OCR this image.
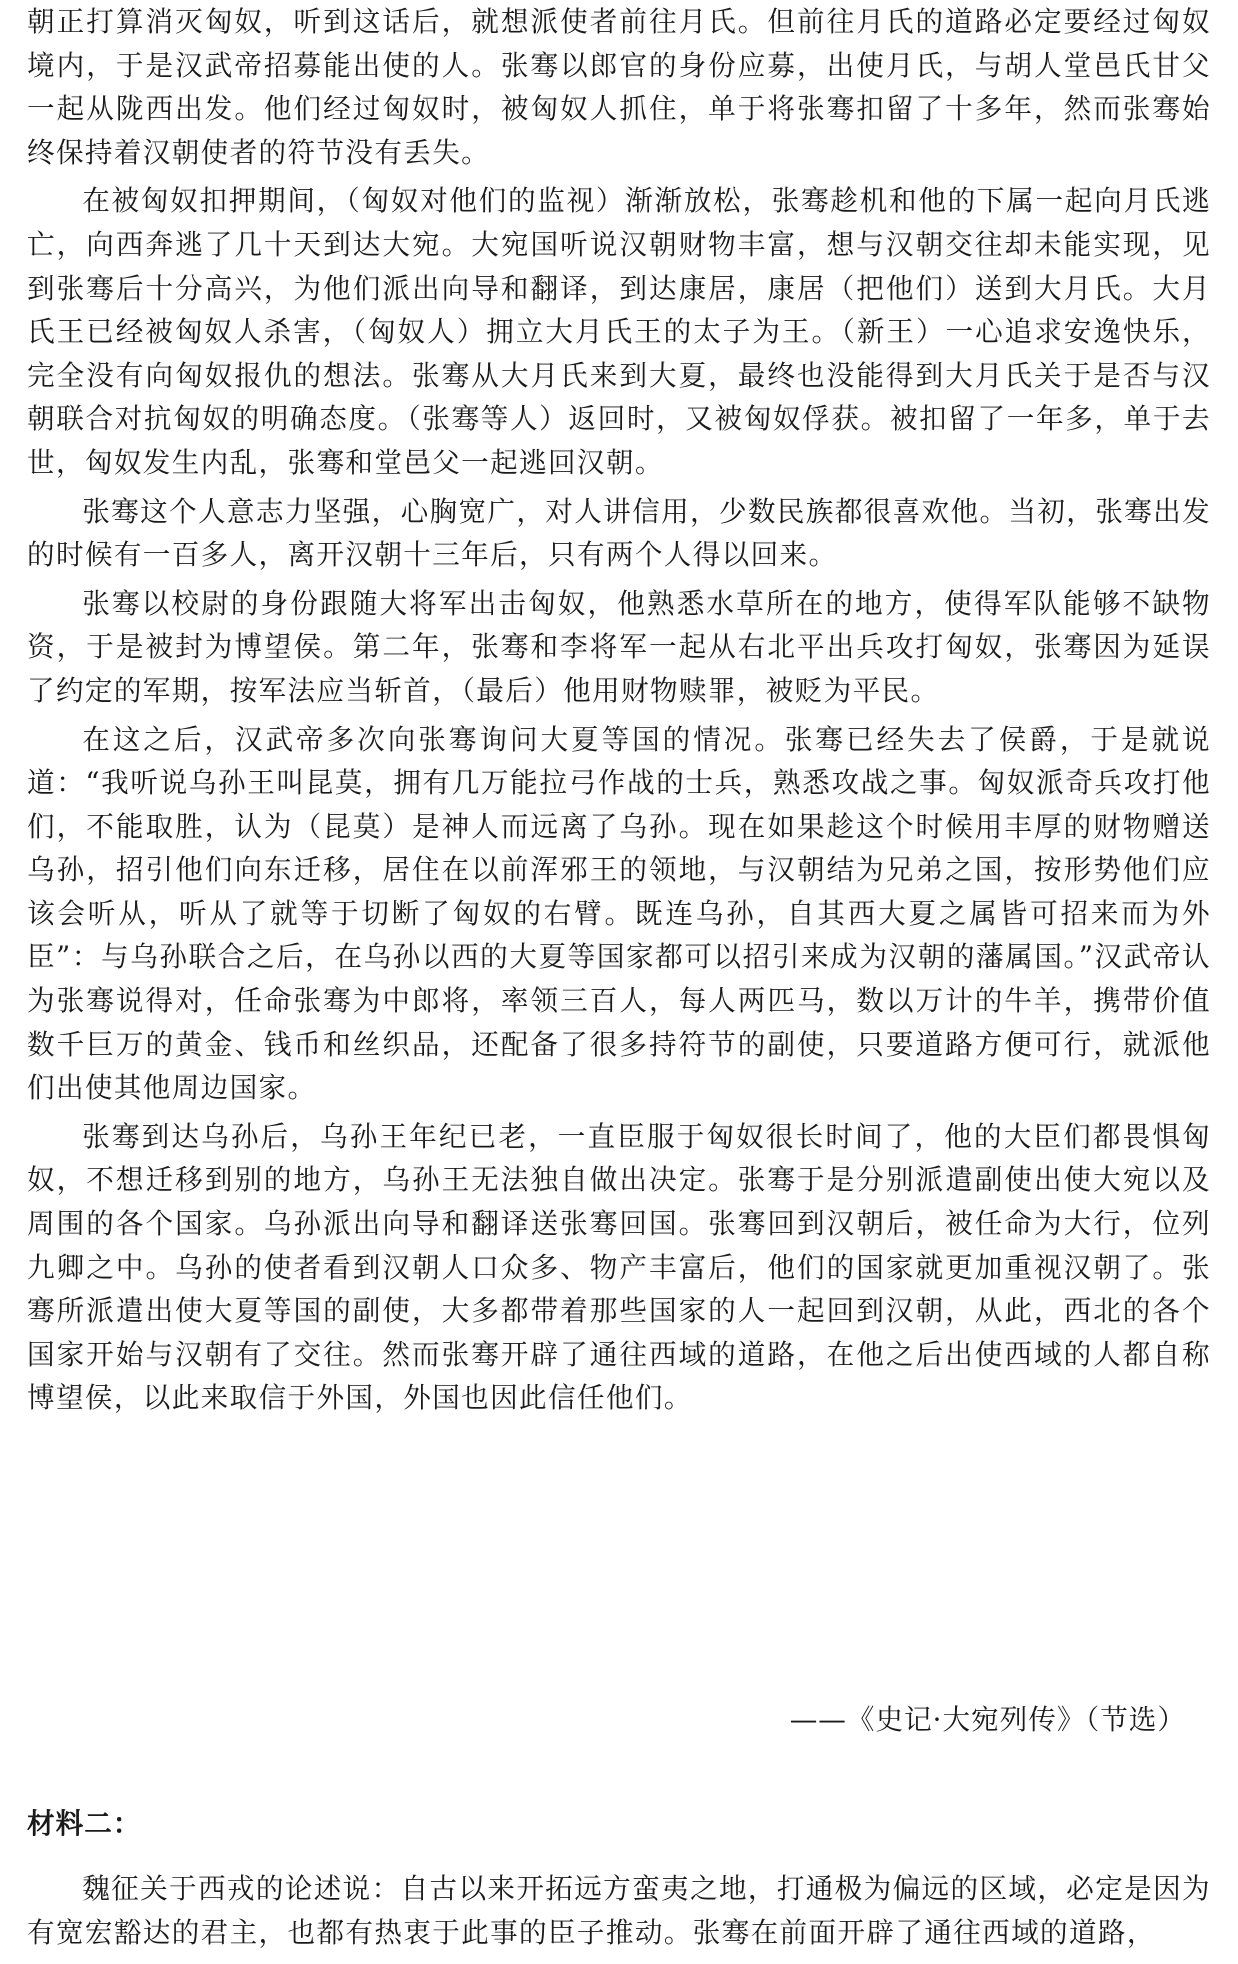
朝正打算消灭匈奴，听到这话后，就想派使者前往月氏。但前往月氏的道路必定要经过匈奴境内，于是汉武帝招募能出使的人。张骞以郎官的身份应募，出使月氏，与胡人堂邑氏甘父一起从陇西出发。他们经过匈奴时，被匈奴人抓住，单于将张骞扣留了十多年，然而张骞始终保持着汉朝使者的符节没有丢失。

在被匈奴扣押期间，（匈奴对他们的监视）渐渐放松，张骞趁机和他的下属一起向月氏逃亡，向西奔逃了几十天到达大宛。大宛国听说汉朝财物丰富，想与汉朝交往却未能实现，见到张骞后十分高兴，为他们派出向导和翻译，到达康居，康居（把他们）送到大月氏。大月氏王已经被匈奴人杀害，（匈奴人）拥立大月氏王的太子为王。（新王）一心追求安逸快乐，完全没有向匈奴报仇的想法。张骞从大月氏来到大夏，最终也没能得到大月氏关于是否与汉朝联合对抗匈奴的明确态度。（张骞等人）返回时，又被匈奴俘获。被扣留了一年多，单于去世，匈奴发生内乱，张骞和堂邑父一起逃回汉朝。

张骞这个人意志力坚强，心胸宽广，对人讲信用，少数民族都很喜欢他。当初，张骞出发的时候有一百多人，离开汉朝十三年后，只有两个人得以回来。

张骞以校尉的身份跟随大将军出击匈奴，他熟悉水草所在的地方，使得军队能够不缺物资，于是被封为博望侯。第二年，张骞和李将军一起从右北平出兵攻打匈奴，张骞因为延误了约定的军期，按军法应当斩首，（最后）他用财物赎罪，被贬为平民。

在这之后，汉武帝多次向张骞询问大夏等国的情况。张骞已经失去了侯爵，于是就说道：“我听说乌孙王叫昆莫，拥有几万能拉弓作战的士兵，熟悉攻战之事。匈奴派奇兵攻打他们，不能取胜，认为（昆莫）是神人而远离了乌孙。现在如果趁这个时候用丰厚的财物赠送乌孙，招引他们向东迁移，居住在以前浑邪王的领地，与汉朝结为兄弟之国，按形势他们应该会听从，听从了就等于切断了匈奴的右臂。既连乌孙，自其西大夏之属皆可招来而为外臣”：与乌孙联合之后，在乌孙以西的大夏等国家都可以招引来成为汉朝的藩属国。”汉武帝认为张骞说得对，任命张骞为中郎将，率领三百人，每人两匹马，数以万计的牛羊，携带价值数千巨万的黄金、钱币和丝织品，还配备了很多持符节的副使，只要道路方便可行，就派他们出使其他周边国家。

张骞到达乌孙后，乌孙王年纪已老，一直臣服于匈奴很长时间了，他的大臣们都畏惧匈奴，不想迁移到别的地方，乌孙王无法独自做出决定。张骞于是分别派遣副使出使大宛以及周围的各个国家。乌孙派出向导和翻译送张骞回国。张骞回到汉朝后，被任命为大行，位列九卿之中。乌孙的使者看到汉朝人口众多、物产丰富后，他们的国家就更加重视汉朝了。张骞所派遣出使大夏等国的副使，大多都带着那些国家的人一起回到汉朝，从此，西北的各个国家开始与汉朝有了交往。然而张骞开辟了通往西域的道路，在他之后出使西域的人都自称博望侯，以此来取信于外国，外国也因此信任他们。

——《史记·大宛列传》（节选）
材料二：

魏征关于西戎的论述说：自古以来开拓远方蛮夷之地，打通极为偏远的区域，必定是因为有宽宏豁达的君主，也都有热衷于此事的臣子推动。张骞在前面开辟了通往西域的道路，
